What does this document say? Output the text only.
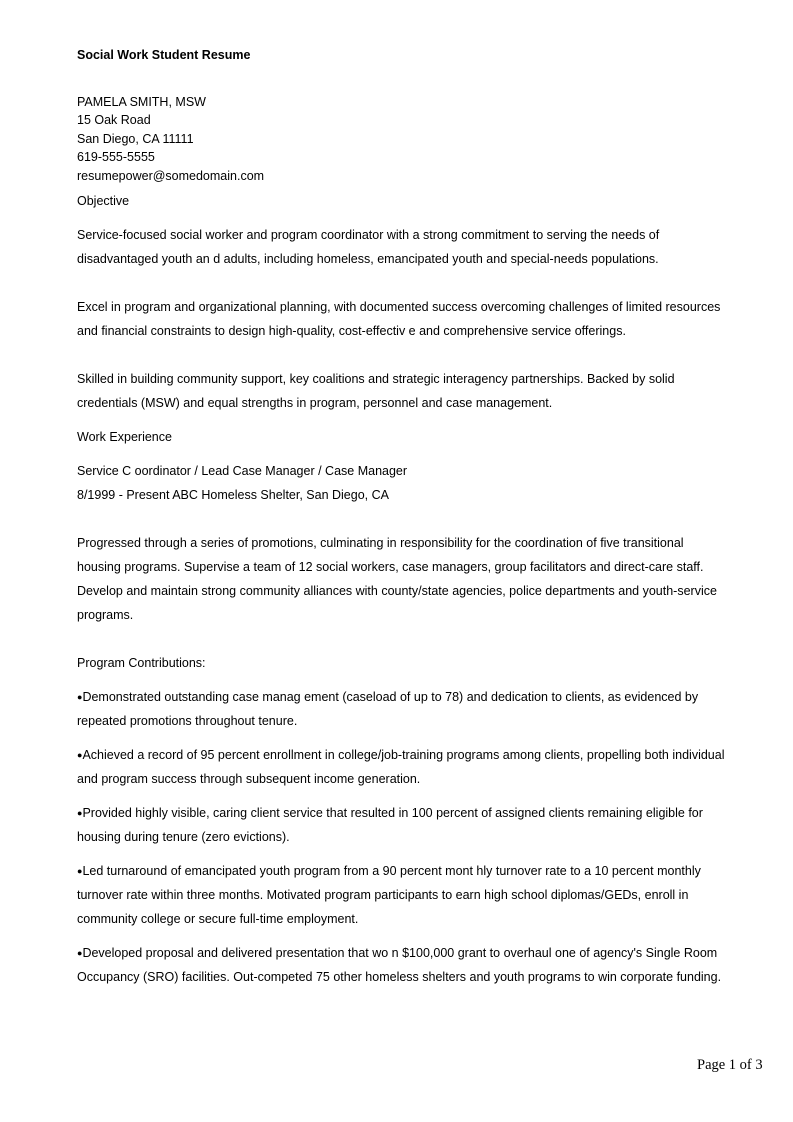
Social Work Student Resume
PAMELA SMITH, MSW
15 Oak Road
San Diego, CA 11111
619-555-5555
resumepower@somedomain.com
Objective
Service-focused social worker and program coordinator with a strong commitment to serving the needs of
disadvantaged youth an d adults, including homeless, emancipated youth and special-needs populations.
Excel in program and organizational planning, with documented success overcoming challenges of limited resources
and financial constraints to design high-quality, cost-effectiv e and comprehensive service offerings.
Skilled in building community support, key coalitions and strategic interagency partnerships. Backed by solid
credentials (MSW) and equal strengths in program, personnel and case management.
Work Experience
Service C oordinator / Lead Case Manager / Case Manager
8/1999 - Present ABC Homeless Shelter, San Diego, CA
Progressed through a series of promotions, culminating in responsibility for the coordination of five transitional
housing programs. Supervise a team of 12 social workers, case managers, group facilitators and direct-care staff.
Develop and maintain strong community alliances with county/state agencies, police departments and youth-service
programs.
Program Contributions:
●Demonstrated outstanding case manag ement (caseload of up to 78) and dedication to clients, as evidenced by
repeated promotions throughout tenure.
●Achieved a record of 95 percent enrollment in college/job-training programs among clients, propelling both individual
and program success through subsequent income generation.
●Provided highly visible, caring client service that resulted in 100 percent of assigned clients remaining eligible for
housing during tenure (zero evictions).
●Led turnaround of emancipated youth program from a 90 percent mont hly turnover rate to a 10 percent monthly
turnover rate within three months. Motivated program participants to earn high school diplomas/GEDs, enroll in
community college or secure full-time employment.
●Developed proposal and delivered presentation that wo n $100,000 grant to overhaul one of agency's Single Room
Occupancy (SRO) facilities. Out-competed 75 other homeless shelters and youth programs to win corporate funding.
Page 1 of 3
